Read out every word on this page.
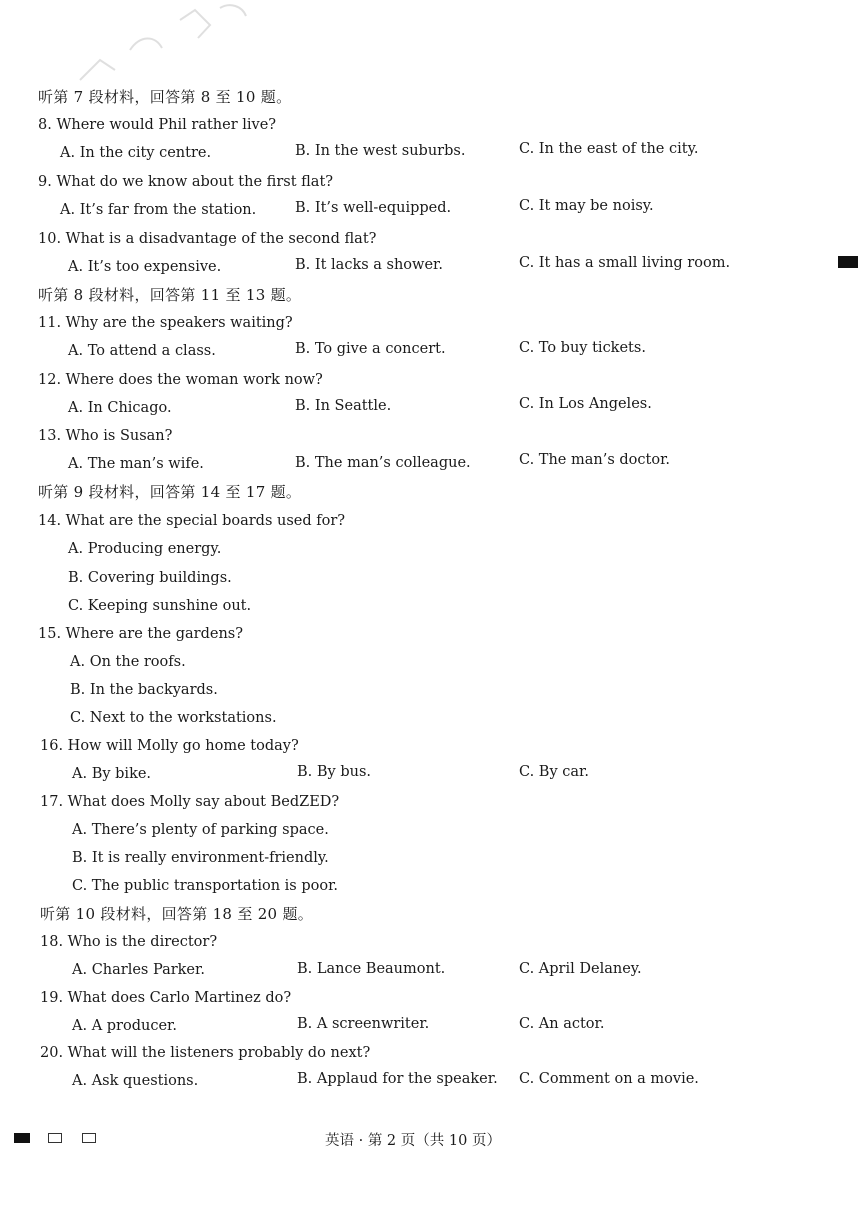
听第 7 段材料，回答第 8 至 10 题。
8. Where would Phil rather live?
A. In the city centre.	B. In the west suburbs.	C. In the east of the city.
9. What do we know about the first flat?
A. It’s far from the station.	B. It’s well-equipped.	C. It may be noisy.
10. What is a disadvantage of the second flat?
A. It’s too expensive.	B. It lacks a shower.	C. It has a small living room.
听第 8 段材料，回答第 11 至 13 题。
11. Why are the speakers waiting?
A. To attend a class.	B. To give a concert.	C. To buy tickets.
12. Where does the woman work now?
A. In Chicago.	B. In Seattle.	C. In Los Angeles.
13. Who is Susan?
A. The man’s wife.	B. The man’s colleague.	C. The man’s doctor.
听第 9 段材料，回答第 14 至 17 题。
14. What are the special boards used for?
A. Producing energy.
B. Covering buildings.
C. Keeping sunshine out.
15. Where are the gardens?
A. On the roofs.
B. In the backyards.
C. Next to the workstations.
16. How will Molly go home today?
A. By bike.	B. By bus.	C. By car.
17. What does Molly say about BedZED?
A. There’s plenty of parking space.
B. It is really environment-friendly.
C. The public transportation is poor.
听第 10 段材料，回答第 18 至 20 题。
18. Who is the director?
A. Charles Parker.	B. Lance Beaumont.	C. April Delaney.
19. What does Carlo Martinez do?
A. A producer.	B. A screenwriter.	C. An actor.
20. What will the listeners probably do next?
A. Ask questions.	B. Applaud for the speaker. C. Comment on a movie.
英语 · 第 2 页（共 10 页）
